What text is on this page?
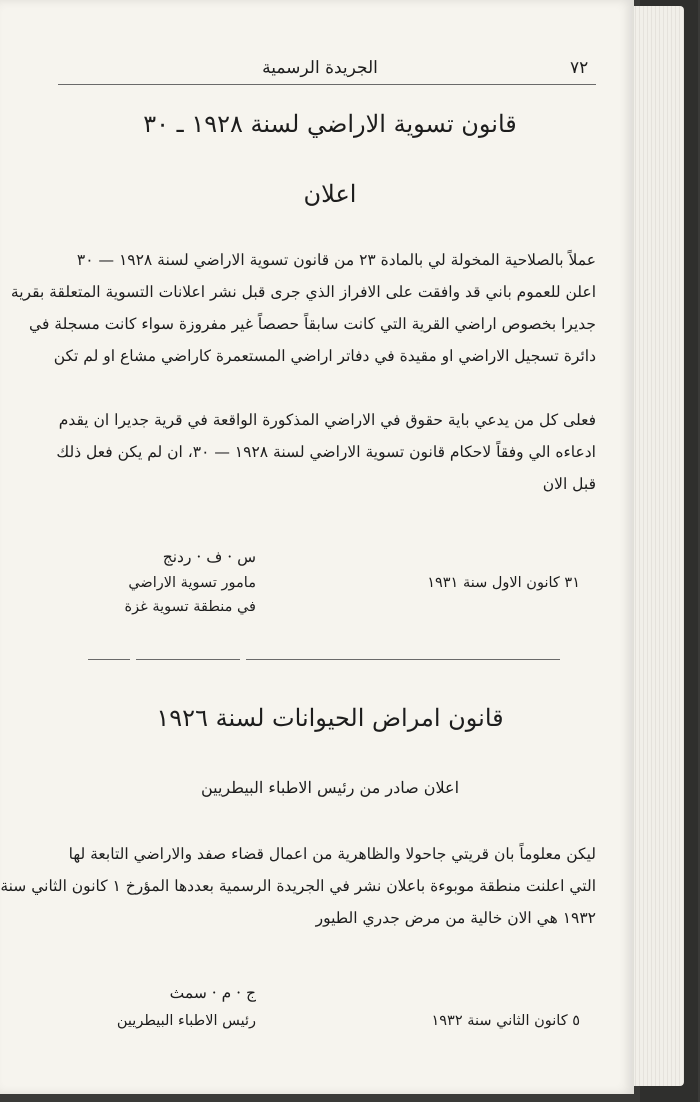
٧٢
الجريدة الرسمية
قانون تسوية الاراضي لسنة ١٩٢٨ ـ ٣٠
اعلان
عملاً بالصلاحية المخولة لي بالمادة ٢٣ من قانون تسوية الاراضي لسنة ١٩٢٨ — ٣٠
اعلن للعموم باني قد وافقت على الافراز الذي جرى قبل نشر اعلانات التسوية المتعلقة بقرية
جديرا بخصوص اراضي القرية التي كانت سابقاً حصصاً غير مفروزة سواء كانت مسجلة في
دائرة تسجيل الاراضي او مقيدة في دفاتر اراضي المستعمرة كاراضي مشاع او لم تكن
فعلى كل من يدعي باية حقوق في الاراضي المذكورة الواقعة في قرية جديرا ان يقدم
ادعاءه الي وفقاً لاحكام قانون تسوية الاراضي لسنة ١٩٢٨ — ٣٠، ان لم يكن فعل ذلك
قبل الان
س · ف · ردنج
مامور تسوية الاراضي
في منطقة تسوية غزة
٣١ كانون الاول سنة ١٩٣١
قانون امراض الحيوانات لسنة ١٩٢٦
اعلان صادر من رئيس الاطباء البيطريين
ليكن معلوماً بان قريتي جاحولا والظاهرية من اعمال قضاء صفد والاراضي التابعة لها
التي اعلنت منطقة موبوءة باعلان نشر في الجريدة الرسمية بعددها المؤرخ ١ كانون الثاني سنة
١٩٣٢ هي الان خالية من مرض جدري الطيور
ج · م · سمث
رئيس الاطباء البيطريين	٥ كانون الثاني سنة ١٩٣٢
